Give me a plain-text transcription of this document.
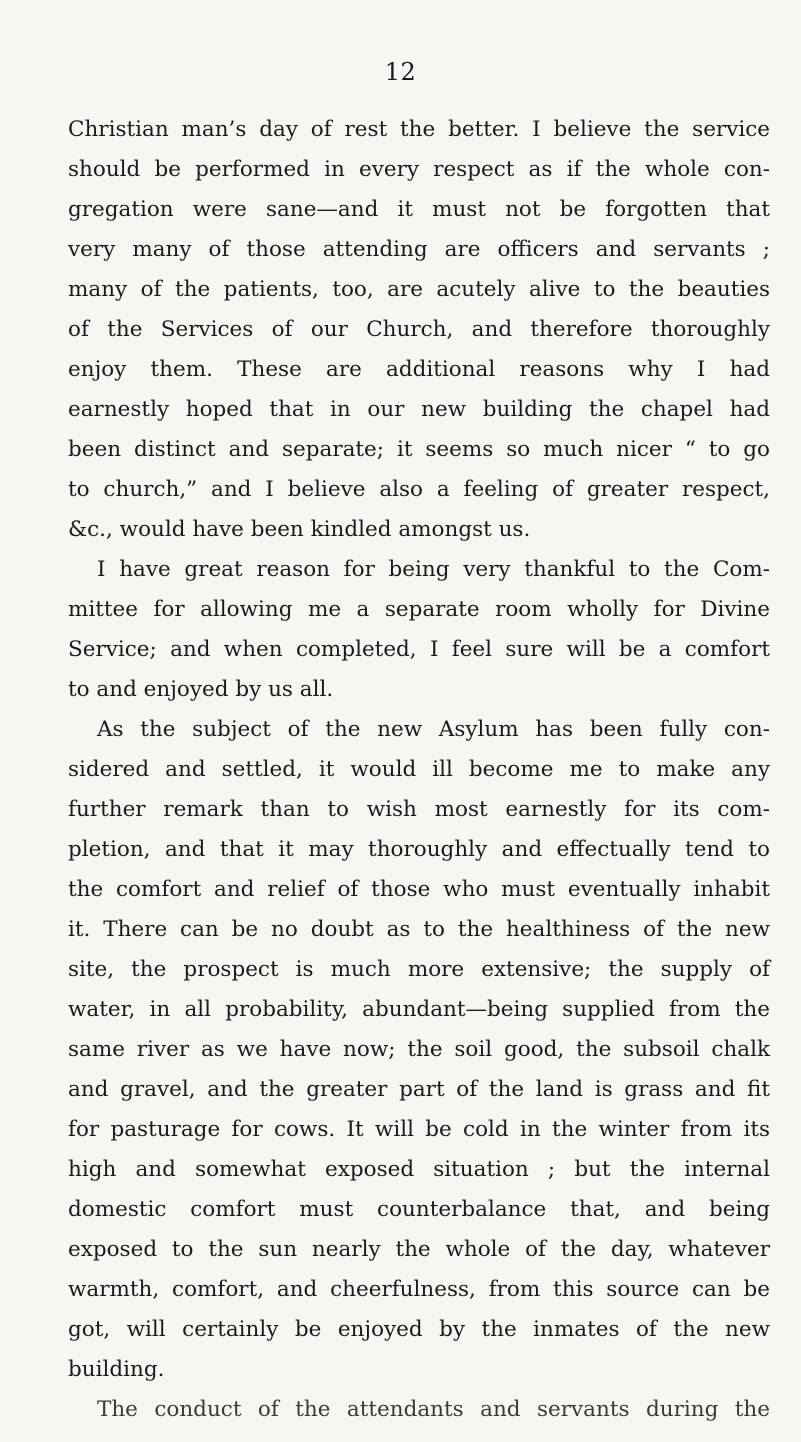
12

Christian man’s day of rest the better. I believe the service
should be performed in every respect as if the whole con-
gregation were sane—and it must not be forgotten that
very many of those attending are officers and servants ;
many of the patients, too, are acutely alive to the beauties
of the Services of our Church, and therefore thoroughly
enjoy them. These are additional reasons why I had
earnestly hoped that in our new building the chapel had
been distinct and separate; it seems so much nicer “ to go
to church,” and I believe also a feeling of greater respect,
&c., would have been kindled amongst us.

I have great reason for being very thankful to the Com-
mittee for allowing me a separate room wholly for Divine
Service; and when completed, I feel sure will be a comfort
to and enjoyed by us all.

As the subject of the new Asylum has been fully con-
sidered and settled, it would ill become me to make any
further remark than to wish most earnestly for its com-
pletion, and that it may thoroughly and effectually tend to
the comfort and relief of those who must eventually inhabit
it. There can be no doubt as to the healthiness of the new
site, the prospect is much more extensive; the supply of
water, in all probability, abundant—being supplied from the
same river as we have now; the soil good, the subsoil chalk
and gravel, and the greater part of the land is grass and fit
for pasturage for cows. It will be cold in the winter from its
high and somewhat exposed situation ; but the internal
domestic comfort must counterbalance that, and being
exposed to the sun nearly the whole of the day, whatever
warmth, comfort, and cheerfulness, from this source can be
got, will certainly be enjoyed by the inmates of the new
building.

The conduct of the attendants and servants during the
